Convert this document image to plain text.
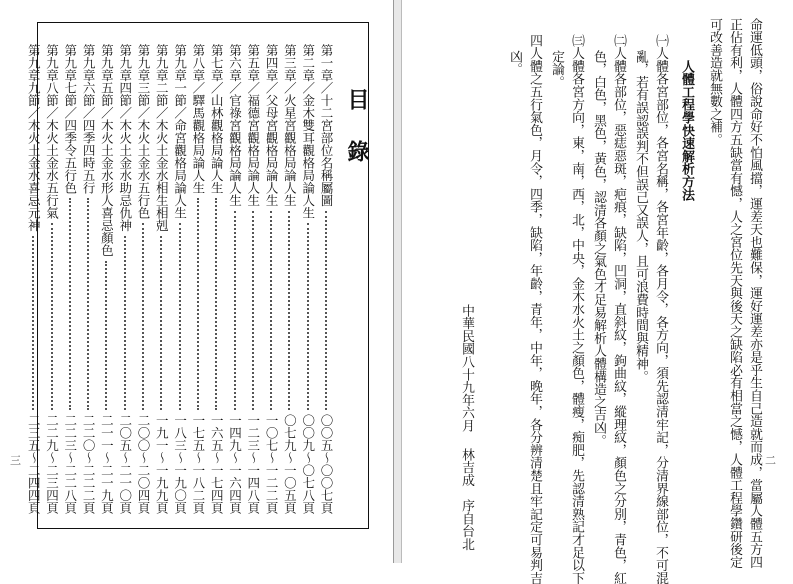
三
目錄
第一章／十二宮部位名稱屬圖
〇〇五～〇〇七頁
第二章／金木雙耳觀格局論人生
〇〇九～〇七八頁
第三章／火星宮觀格局論人生
〇七九～一〇五頁
第四章／父母宮觀格局論人生
一〇七～一二二頁
第五章／福德宮觀格局論人生
一二三～一四八頁
第六章／官祿宮觀格局論人生
一四九～一六四頁
第七章／山林觀格局論人生
一六五～一七四頁
第八章／驛馬觀格局論人生
一七五～一八二頁
第九章一節／命宮觀格局論人生
一八三～一九〇頁
第九章二節／木火土金水相生相剋
一九一～一九九頁
第九章三節／木火土金水五行色
二〇〇～二〇四頁
第九章四節／木火土金水助忌仇神
二〇五～二一〇頁
第九章五節／木火土金水形人喜忌顏色
二一一～二一九頁
第九章六節／四季四時五行
二二〇～二二二頁
第九章七節／四季令五行色
二二三～二二八頁
第九章八節／木火土金水五行氣
二二九～二三四頁
第九章九節／木火土金水喜忌元神
二三五～二四四頁	二
命運低頭，俗說命好不怕風擋，運差天也難保，運好運差亦是乎生自己造就而成，當屬人體五方四
正佔有利，人體四方五缺當有憾，人之宮位先天與後天之缺陷必有相當之憾，人體工程學鑽研後定
可改善造就無數之補。
人體工程學快速解析方法
㈠人體各宮部位，各宮名稱，各宮年齡，各月令，各方向，須先認清牢記，分清界線部位，不可混
亂，若有誤認誤判不但誤己又誤人，且可浪費時間與精神。
㈡人體各部位，惡痣惡斑，疤痕，缺陷，凹洞，直斜紋，鉤曲紋，縱理紋，顏色之分別，青色，紅
色，白色，黑色，黃色，認清各顏之氣色才足易解析人體構造之吉凶。
㈢人體各宮方向，東，南，西，北，中央，金木水火土之顏色，體瘦，痴肥，先認清熟記才足以下
定論。
四人體之五行氣色，月令，四季，缺陷，年齡，青年，中年，晚年，各分辨清楚且牢記定可易判吉
凶。
中華民國八十九年六月
林吉成　序自台北
